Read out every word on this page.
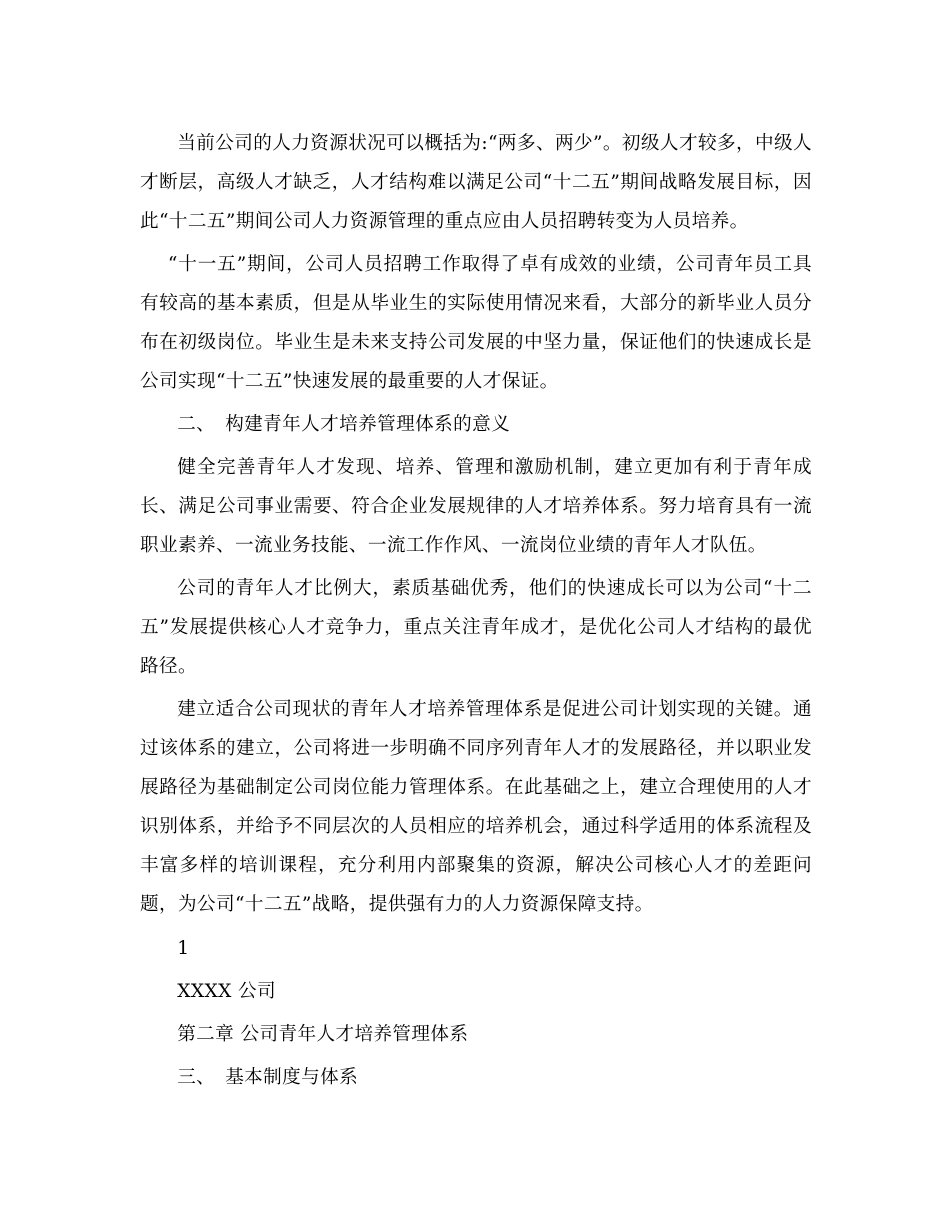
当前公司的人力资源状况可以概括为:“两多、两少”。初级人才较多，中级人才断层，高级人才缺乏，人才结构难以满足公司“十二五”期间战略发展目标，因此“十二五”期间公司人力资源管理的重点应由人员招聘转变为人员培养。

“十一五”期间，公司人员招聘工作取得了卓有成效的业绩，公司青年员工具有较高的基本素质，但是从毕业生的实际使用情况来看，大部分的新毕业人员分布在初级岗位。毕业生是未来支持公司发展的中坚力量，保证他们的快速成长是公司实现“十二五”快速发展的最重要的人才保证。

二、 构建青年人才培养管理体系的意义

健全完善青年人才发现、培养、管理和激励机制，建立更加有利于青年成长、满足公司事业需要、符合企业发展规律的人才培养体系。努力培育具有一流职业素养、一流业务技能、一流工作作风、一流岗位业绩的青年人才队伍。

公司的青年人才比例大，素质基础优秀，他们的快速成长可以为公司“十二五”发展提供核心人才竞争力，重点关注青年成才，是优化公司人才结构的最优路径。

建立适合公司现状的青年人才培养管理体系是促进公司计划实现的关键。通过该体系的建立，公司将进一步明确不同序列青年人才的发展路径，并以职业发展路径为基础制定公司岗位能力管理体系。在此基础之上，建立合理使用的人才识别体系，并给予不同层次的人员相应的培养机会，通过科学适用的体系流程及丰富多样的培训课程，充分利用内部聚集的资源，解决公司核心人才的差距问题，为公司“十二五”战略，提供强有力的人力资源保障支持。

1

XXXX 公司

第二章 公司青年人才培养管理体系

三、 基本制度与体系
